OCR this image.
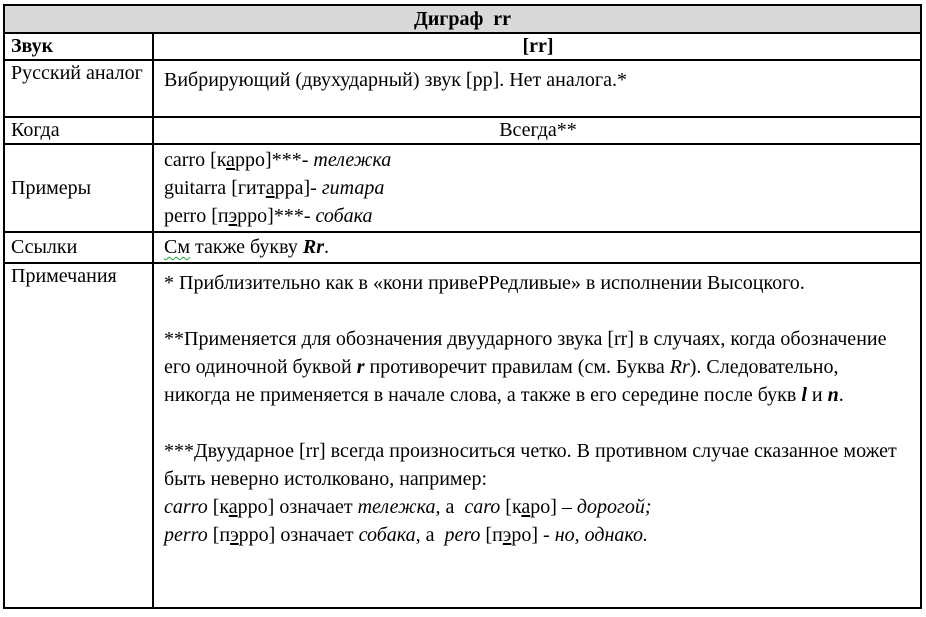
Диграф  rr	
Звук	[rr]
Русский аналог	Вибрирующий (двухударный) звук [рр]. Нет аналога.*
Когда	Всегда**
Примеры	carro [карро]***- тележка
guitarra [гитарра]- гитара
perro [пэрро]***- собака

Ссылки	См также букву Rr.
Примечания	* Приблизительно как в «кони привеРРедливые» в исполнении Высоцкого.
**Применяется для обозначения двуударного звука [rr] в случаях, когда обозначение его одиночной буквой r противоречит правилам (см. Буква Rr). Следовательно,  никогда не применяется в начале слова, а также в его середине после букв l и n.
***Двуударное [rr] всегда произноситься четко. В противном случае сказанное может быть неверно истолковано, например:
carro [карро] означает тележка, а  caro [каро] – дорогой;
perro [пэрро] означает собака, а  pero [пэро] - но, однако.
